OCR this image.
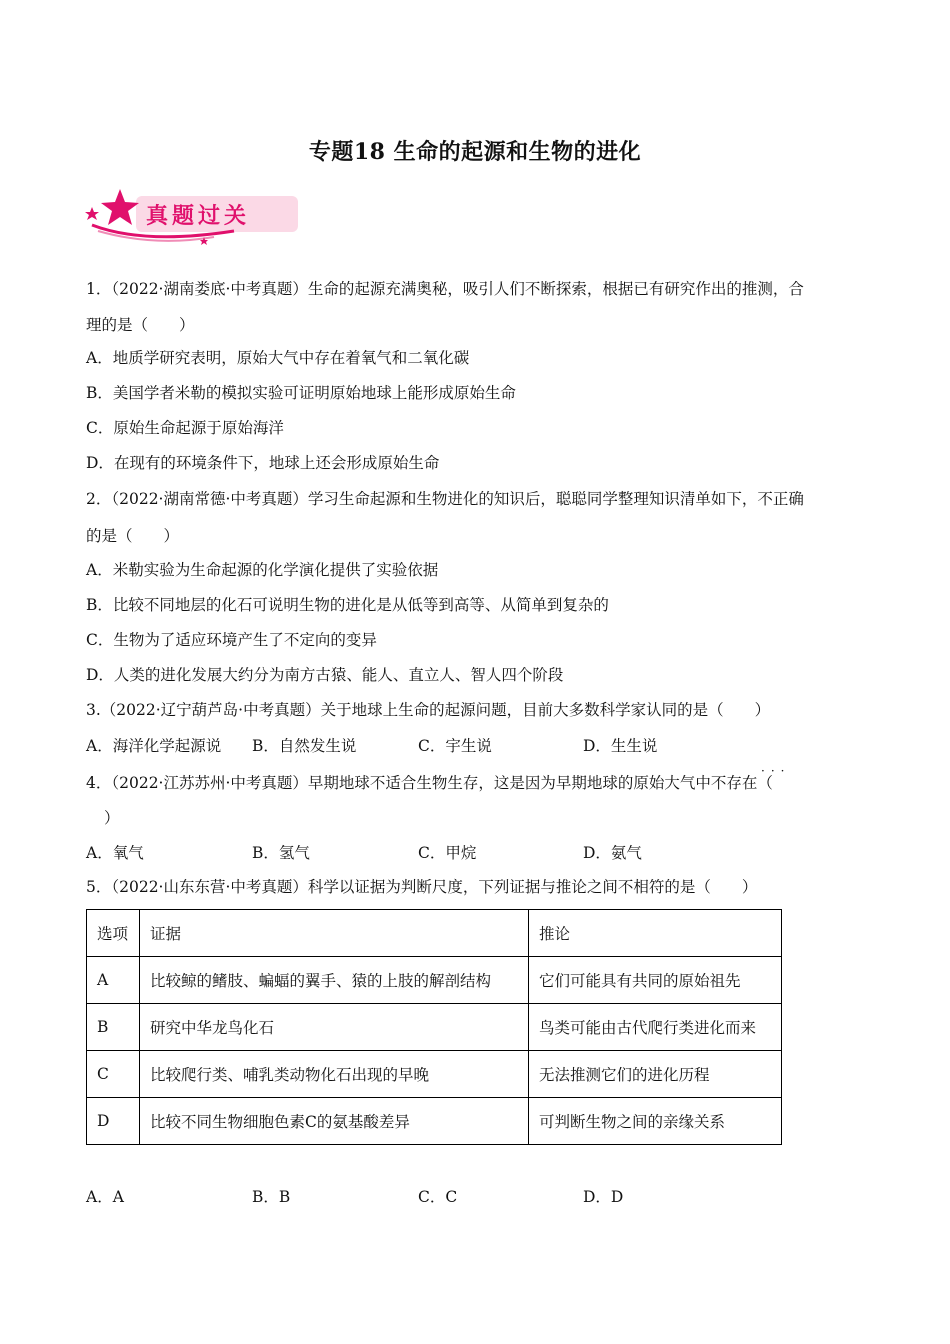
专题18 生命的起源和生物的进化
真题过关
1．（2022·湖南娄底·中考真题）生命的起源充满奥秘，吸引人们不断探索，根据已有研究作出的推测，合
理的是（　　）
A．地质学研究表明，原始大气中存在着氧气和二氧化碳
B．美国学者米勒的模拟实验可证明原始地球上能形成原始生命
C．原始生命起源于原始海洋
D．在现有的环境条件下，地球上还会形成原始生命
2．（2022·湖南常德·中考真题）学习生命起源和生物进化的知识后，聪聪同学整理知识清单如下，不正确
的是（　　）
A．米勒实验为生命起源的化学演化提供了实验依据
B．比较不同地层的化石可说明生物的进化是从低等到高等、从简单到复杂的
C．生物为了适应环境产生了不定向的变异
D．人类的进化发展大约分为南方古猿、能人、直立人、智人四个阶段
3.（2022·辽宁葫芦岛·中考真题）关于地球上生命的起源问题，目前大多数科学家认同的是（　　）
A．海洋化学起源说 B．自然发生说	C．宇生说	D．生生说
···
4．（2022·江苏苏州·中考真题）早期地球不适合生物生存，这是因为早期地球的原始大气中不存在（
）
A．氧气	B．氢气	C．甲烷	D．氨气
5．（2022·山东东营·中考真题）科学以证据为判断尺度，下列证据与推论之间不相符的是（　　）
选项	证据	推论
A	比较鲸的鳍肢、蝙蝠的翼手、猿的上肢的解剖结构	它们可能具有共同的原始祖先
B	研究中华龙鸟化石	鸟类可能由古代爬行类进化而来
C	比较爬行类、哺乳类动物化石出现的早晚	无法推测它们的进化历程
D	比较不同生物细胞色素C的氨基酸差异	可判断生物之间的亲缘关系
A．A	B．B	C．C	D．D
